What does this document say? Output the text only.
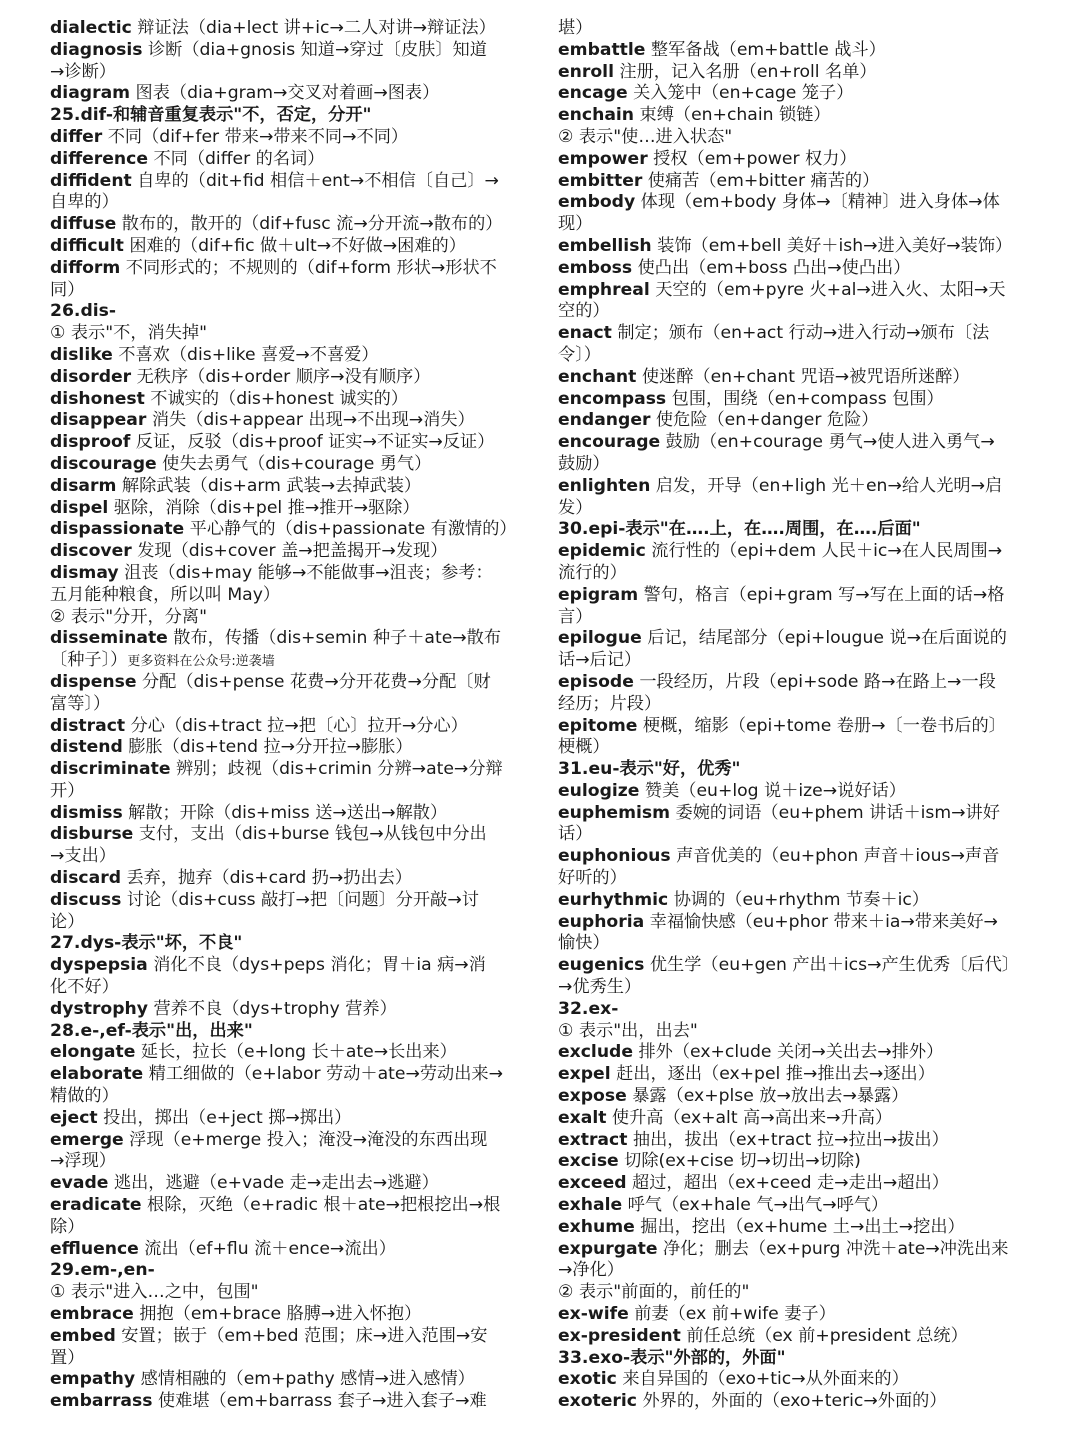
dialectic 辩证法（dia+lect 讲+ic→二人对讲→辩证法）
diagnosis 诊断（dia+gnosis 知道→穿过〔皮肤〕知道
→诊断）
diagram 图表（dia+gram→交叉对着画→图表）
25.dif-和辅音重复表示"不，否定，分开"
differ 不同（dif+fer 带来→带来不同→不同）
difference 不同（differ 的名词）
diffident 自卑的（dit+fid 相信＋ent→不相信〔自己〕→
自卑的）
diffuse 散布的，散开的（dif+fusc 流→分开流→散布的）
difficult 困难的（dif+fic 做＋ult→不好做→困难的）
difform 不同形式的；不规则的（dif+form 形状→形状不
同）
26.dis-
① 表示"不，消失掉"
dislike 不喜欢（dis+like 喜爱→不喜爱）
disorder 无秩序（dis+order 顺序→没有顺序）
dishonest 不诚实的（dis+honest 诚实的）
disappear 消失（dis+appear 出现→不出现→消失）
disproof 反证，反驳（dis+proof 证实→不证实→反证）
discourage 使失去勇气（dis+courage 勇气）
disarm 解除武装（dis+arm 武装→去掉武装）
dispel 驱除，消除（dis+pel 推→推开→驱除）
dispassionate 平心静气的（dis+passionate 有激情的）
discover 发现（dis+cover 盖→把盖揭开→发现）
dismay 沮丧（dis+may 能够→不能做事→沮丧；参考：
五月能种粮食，所以叫 May）
② 表示"分开，分离"
disseminate 散布，传播（dis+semin 种子＋ate→散布
〔种子〕）更多资料在公众号:逆袭墙
dispense 分配（dis+pense 花费→分开花费→分配〔财
富等〕）
distract 分心（dis+tract 拉→把〔心〕拉开→分心）
distend 膨胀（dis+tend 拉→分开拉→膨胀）
discriminate 辨别；歧视（dis+crimin 分辨→ate→分辩
开）
dismiss 解散；开除（dis+miss 送→送出→解散）
disburse 支付，支出（dis+burse 钱包→从钱包中分出
→支出）
discard 丢弃，抛弃（dis+card 扔→扔出去）
discuss 讨论（dis+cuss 敲打→把〔问题〕分开敲→讨
论）
27.dys-表示"坏，不良"
dyspepsia 消化不良（dys+peps 消化；胃＋ia 病→消
化不好）
dystrophy 营养不良（dys+trophy 营养）
28.e-,ef-表示"出，出来"
elongate 延长，拉长（e+long 长＋ate→长出来）
elaborate 精工细做的（e+labor 劳动＋ate→劳动出来→
精做的）
eject 投出，掷出（e+ject 掷→掷出）
emerge 浮现（e+merge 投入；淹没→淹没的东西出现
→浮现）
evade 逃出，逃避（e+vade 走→走出去→逃避）
eradicate 根除，灭绝（e+radic 根＋ate→把根挖出→根
除）
effluence 流出（ef+flu 流＋ence→流出）
29.em-,en-
① 表示"进入…之中，包围"
embrace 拥抱（em+brace 胳膊→进入怀抱）
embed 安置；嵌于（em+bed 范围；床→进入范围→安
置）
empathy 感情相融的（em+pathy 感情→进入感情）
embarrass 使难堪（em+barrass 套子→进入套子→难
堪）
embattle 整军备战（em+battle 战斗）
enroll 注册，记入名册（en+roll 名单）
encage 关入笼中（en+cage 笼子）
enchain 束缚（en+chain 锁链）
② 表示"使…进入状态"
empower 授权（em+power 权力）
embitter 使痛苦（em+bitter 痛苦的）
embody 体现（em+body 身体→〔精神〕进入身体→体
现）
embellish 装饰（em+bell 美好＋ish→进入美好→装饰）
emboss 使凸出（em+boss 凸出→使凸出）
emphreal 天空的（em+pyre 火+al→进入火、太阳→天
空的）
enact 制定；颁布（en+act 行动→进入行动→颁布〔法
令〕）
enchant 使迷醉（en+chant 咒语→被咒语所迷醉）
encompass 包围，围绕（en+compass 包围）
endanger 使危险（en+danger 危险）
encourage 鼓励（en+courage 勇气→使人进入勇气→
鼓励）
enlighten 启发，开导（en+ligh 光＋en→给人光明→启
发）
30.epi-表示"在….上，在….周围，在….后面"
epidemic 流行性的（epi+dem 人民＋ic→在人民周围→
流行的）
epigram 警句，格言（epi+gram 写→写在上面的话→格
言）
epilogue 后记，结尾部分（epi+lougue 说→在后面说的
话→后记）
episode 一段经历，片段（epi+sode 路→在路上→一段
经历；片段）
epitome 梗概，缩影（epi+tome 卷册→〔一卷书后的〕
梗概）
31.eu-表示"好，优秀"
eulogize 赞美（eu+log 说＋ize→说好话）
euphemism 委婉的词语（eu+phem 讲话＋ism→讲好
话）
euphonious 声音优美的（eu+phon 声音＋ious→声音
好听的）
eurhythmic 协调的（eu+rhythm 节奏＋ic）
euphoria 幸福愉快感（eu+phor 带来＋ia→带来美好→
愉快）
eugenics 优生学（eu+gen 产出＋ics→产生优秀〔后代〕
→优秀生）
32.ex-
① 表示"出，出去"
exclude 排外（ex+clude 关闭→关出去→排外）
expel 赶出，逐出（ex+pel 推→推出去→逐出）
expose 暴露（ex+plse 放→放出去→暴露）
exalt 使升高（ex+alt 高→高出来→升高）
extract 抽出，拔出（ex+tract 拉→拉出→拔出）
excise 切除(ex+cise 切→切出→切除)
exceed 超过，超出（ex+ceed 走→走出→超出）
exhale 呼气（ex+hale 气→出气→呼气）
exhume 掘出，挖出（ex+hume 土→出土→挖出）
expurgate 净化；删去（ex+purg 冲洗＋ate→冲洗出来
→净化）
② 表示"前面的，前任的"
ex-wife 前妻（ex 前+wife 妻子）
ex-president 前任总统（ex 前+president 总统）
33.exo-表示"外部的，外面"
exotic 来自异国的（exo+tic→从外面来的）
exoteric 外界的，外面的（exo+teric→外面的）
